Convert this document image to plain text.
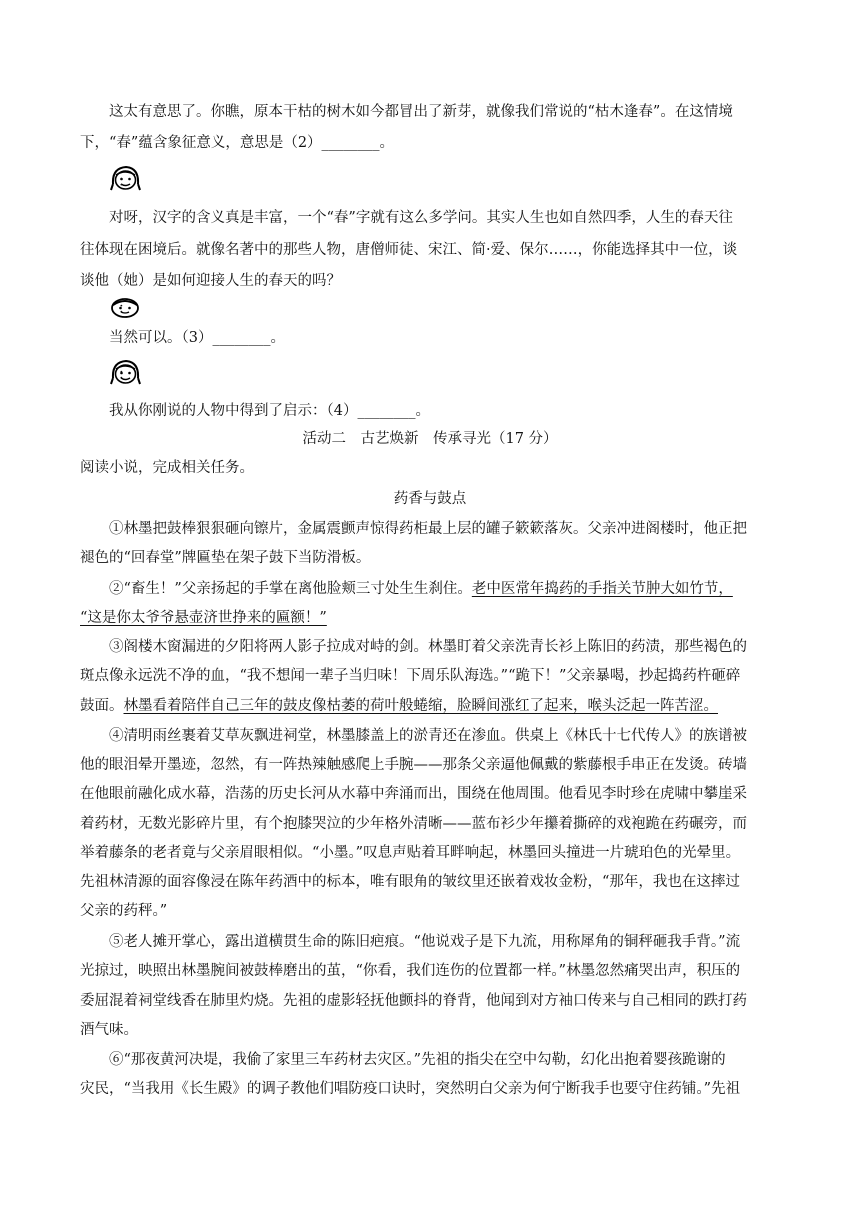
这太有意思了。你瞧，原本干枯的树木如今都冒出了新芽，就像我们常说的“枯木逢春”。在这情境
下，“春”蕴含象征意义，意思是（2）________。
：
对呀，汉字的含义真是丰富，一个“春”字就有这么多学问。其实人生也如自然四季，人生的春天往
往体现在困境后。就像名著中的那些人物，唐僧师徒、宋江、简·爱、保尔……，你能选择其中一位，谈
谈他（她）是如何迎接人生的春天的吗？
：
当然可以。（3）________。
：
我从你刚说的人物中得到了启示：（4）________。
活动二　古艺焕新　传承寻光（17 分）
阅读小说，完成相关任务。
药香与鼓点
①林墨把鼓棒狠狠砸向镲片，金属震颤声惊得药柜最上层的罐子簌簌落灰。父亲冲进阁楼时，他正把
褪色的“回春堂”牌匾垫在架子鼓下当防滑板。
②“畜生！”父亲扬起的手掌在离他脸颊三寸处生生刹住。老中医常年捣药的手指关节肿大如竹节，
“这是你太爷爷悬壶济世挣来的匾额！”
③阁楼木窗漏进的夕阳将两人影子拉成对峙的剑。林墨盯着父亲洗青长衫上陈旧的药渍，那些褐色的
斑点像永远洗不净的血，“我不想闻一辈子当归味！下周乐队海选。”“跪下！”父亲暴喝，抄起捣药杵砸碎
鼓面。林墨看着陪伴自己三年的鼓皮像枯萎的荷叶般蜷缩，脸瞬间涨红了起来，喉头泛起一阵苦涩。
④清明雨丝裹着艾草灰飘进祠堂，林墨膝盖上的淤青还在渗血。供桌上《林氏十七代传人》的族谱被
他的眼泪晕开墨迹，忽然，有一阵热辣触感爬上手腕——那条父亲逼他佩戴的紫藤根手串正在发烫。砖墙
在他眼前融化成水幕，浩荡的历史长河从水幕中奔涌而出，围绕在他周围。他看见李时珍在虎啸中攀崖采
着药材，无数光影碎片里，有个抱膝哭泣的少年格外清晰——蓝布衫少年攥着撕碎的戏袍跪在药碾旁，而
举着藤条的老者竟与父亲眉眼相似。“小墨。”叹息声贴着耳畔响起，林墨回头撞进一片琥珀色的光晕里。
先祖林清源的面容像浸在陈年药酒中的标本，唯有眼角的皱纹里还嵌着戏妆金粉，“那年，我也在这摔过
父亲的药秤。”
⑤老人摊开掌心，露出道横贯生命的陈旧疤痕。“他说戏子是下九流，用称犀角的铜秤砸我手背。”流
光掠过，映照出林墨腕间被鼓棒磨出的茧，“你看，我们连伤的位置都一样。”林墨忽然痛哭出声，积压的
委屈混着祠堂线香在肺里灼烧。先祖的虚影轻抚他颤抖的脊背，他闻到对方袖口传来与自己相同的跌打药
酒气味。
⑥“那夜黄河决堤，我偷了家里三车药材去灾区。”先祖的指尖在空中勾勒，幻化出抱着婴孩跪谢的
灾民，“当我用《长生殿》的调子教他们唱防疫口诀时，突然明白父亲为何宁断我手也要守住药铺。”先祖
